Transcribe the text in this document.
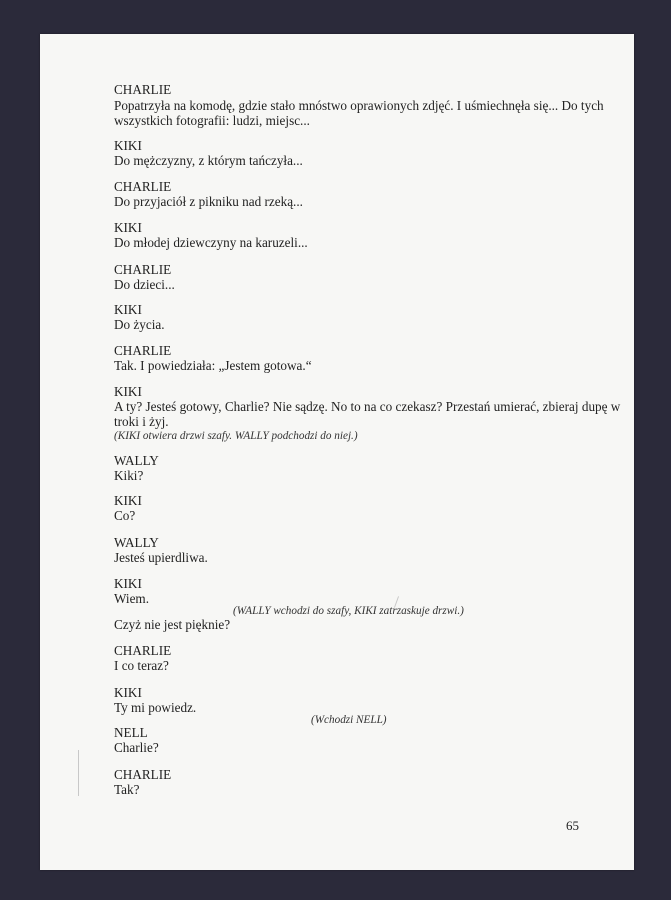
CHARLIE
Popatrzyła na komodę, gdzie stało mnóstwo oprawionych zdjęć. I uśmiechnęła się... Do tych
wszystkich fotografii: ludzi, miejsc...
KIKI
Do mężczyzny, z którym tańczyła...
CHARLIE
Do przyjaciół z pikniku nad rzeką...
KIKI
Do młodej dziewczyny na karuzeli...
CHARLIE
Do dzieci...
KIKI
Do życia.
CHARLIE
Tak. I powiedziała: „Jestem gotowa.“
KIKI
A ty? Jesteś gotowy, Charlie? Nie sądzę. No to na co czekasz? Przestań umierać, zbieraj dupę w
troki i żyj.
(KIKI otwiera drzwi szafy. WALLY podchodzi do niej.)
WALLY
Kiki?
KIKI
Co?
WALLY
Jesteś upierdliwa.
KIKI
Wiem.
(WALLY wchodzi do szafy, KIKI zatrzaskuje drzwi.)
Czyż nie jest pięknie?
CHARLIE
I co teraz?
KIKI
Ty mi powiedz.
(Wchodzi NELL)
NELL
Charlie?
CHARLIE
Tak?
65
